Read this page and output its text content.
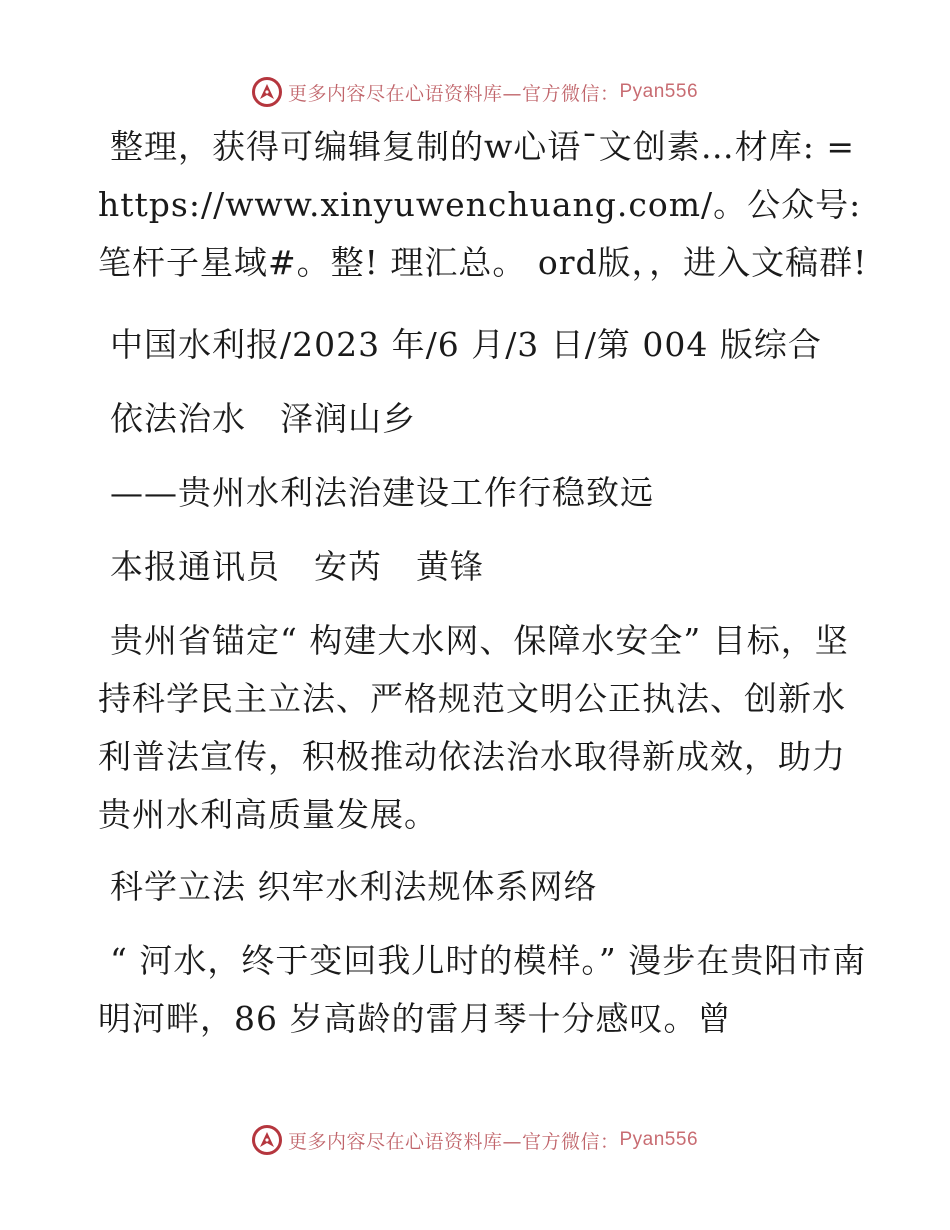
更多内容尽在心语资料库—官方微信： Pyan556

整理，获得可编辑复制的w心语¯文创素…材库: =https://www.xinyuwenchuang.com/。公众号: 笔杆子星域#。整! 理汇总。 ord版，，进入文稿群!

中国水利报/2023 年/6 月/3 日/第 004 版综合

依法治水　泽润山乡

——贵州水利法治建设工作行稳致远

本报通讯员　安芮　黄锋

贵州省锚定“ 构建大水网、保障水安全” 目标，坚持科学民主立法、严格规范文明公正执法、创新水利普法宣传，积极推动依法治水取得新成效，助力贵州水利高质量发展。

科学立法 织牢水利法规体系网络

“ 河水，终于变回我儿时的模样。” 漫步在贵阳市南明河畔，86 岁高龄的雷月琴十分感叹。曾

更多内容尽在心语资料库—官方微信： Pyan556
